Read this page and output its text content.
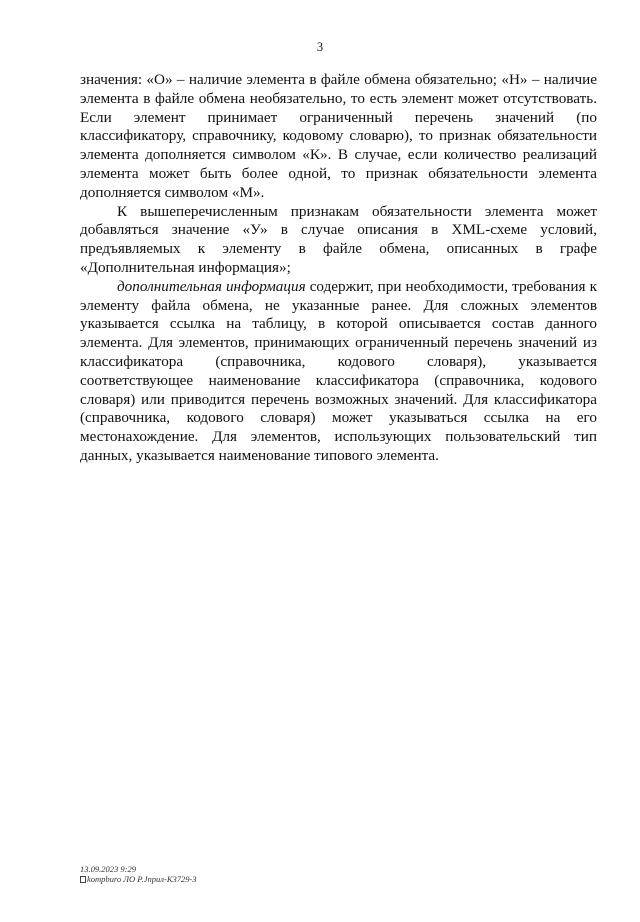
3

значения: «О» – наличие элемента в файле обмена обязательно; «Н» – наличие элемента в файле обмена необязательно, то есть элемент может отсутствовать. Если элемент принимает ограниченный перечень значений (по классификатору, справочнику, кодовому словарю), то признак обязательности элемента дополняется символом «К». В случае, если количество реализаций элемента может быть более одной, то признак обязательности элемента дополняется символом «М».

К вышеперечисленным признакам обязательности элемента может добавляться значение «У» в случае описания в XML-схеме условий, предъявляемых к элементу в файле обмена, описанных в графе «Дополнительная информация»;

дополнительная информация содержит, при необходимости, требования к элементу файла обмена, не указанные ранее. Для сложных элементов указывается ссылка на таблицу, в которой описывается состав данного элемента. Для элементов, принимающих ограниченный перечень значений из классификатора (справочника, кодового словаря), указывается соответствующее наименование классификатора (справочника, кодового словаря) или приводится перечень возможных значений. Для классификатора (справочника, кодового словаря) может указываться ссылка на его местонахождение. Для элементов, использующих пользовательский тип данных, указывается наименование типового элемента.

13.09.2023 9:29
kompburo ЛО Р.Jnpuл-К3729-3
